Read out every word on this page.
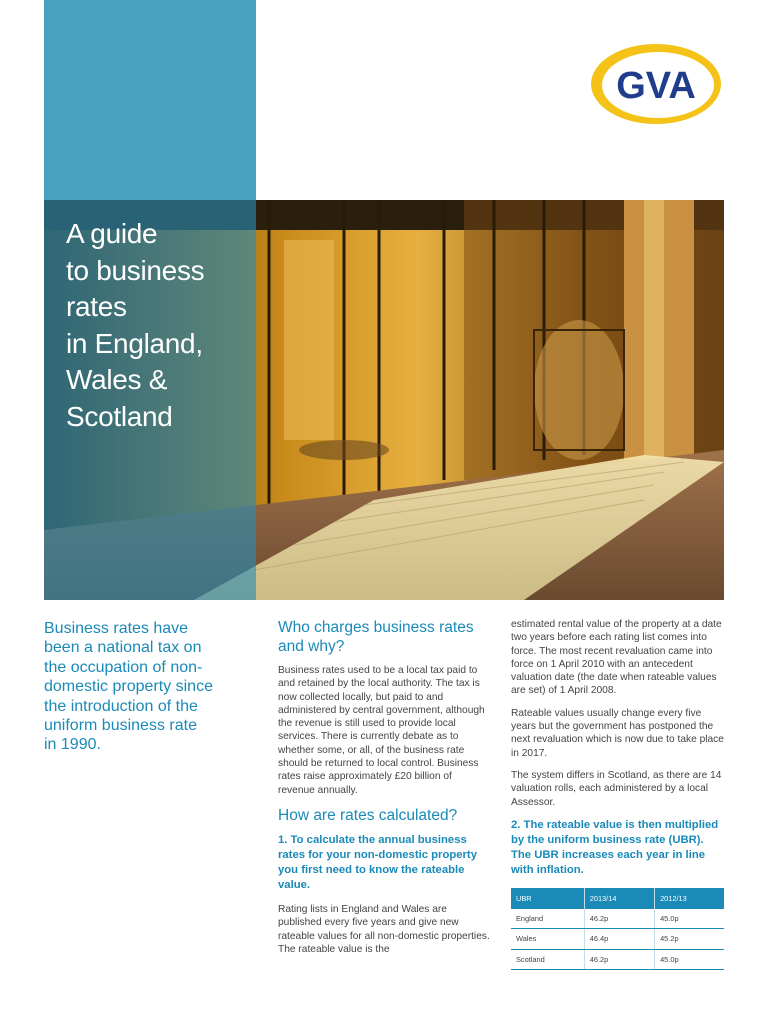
GVA
A guide
to business
rates
in England,
Wales &
Scotland
Business rates have
been a national tax on
the occupation of non-
domestic property since
the introduction of the
uniform business rate
in 1990.
Who charges business rates and why?

Business rates used to be a local tax paid to and retained by the local authority. The tax is now collected locally, but paid to and administered by central government, although the revenue is still used to provide local services. There is currently debate as to whether some, or all, of the business rate should be returned to local control. Business rates raise approximately £20 billion of revenue annually.

How are rates calculated?
1. To calculate the annual business rates for your non-domestic property you first need to know the rateable value.

Rating lists in England and Wales are published every five years and give new rateable values for all non-domestic properties. The rateable value is the

estimated rental value of the property at a date two years before each rating list comes into force. The most recent revaluation came into force on 1 April 2010 with an antecedent valuation date (the date when rateable values are set) of 1 April 2008.

Rateable values usually change every five years but the government has postponed the next revaluation which is now due to take place in 2017.

The system differs in Scotland, as there are 14 valuation rolls, each administered by a local Assessor.

2. The rateable value is then multiplied by the uniform business rate (UBR). The UBR increases each year in line with inflation.
UBR	2013/14	2012/13
England	46.2p	45.0p
Wales	46.4p	45.2p
Scotland	46.2p	45.0p
